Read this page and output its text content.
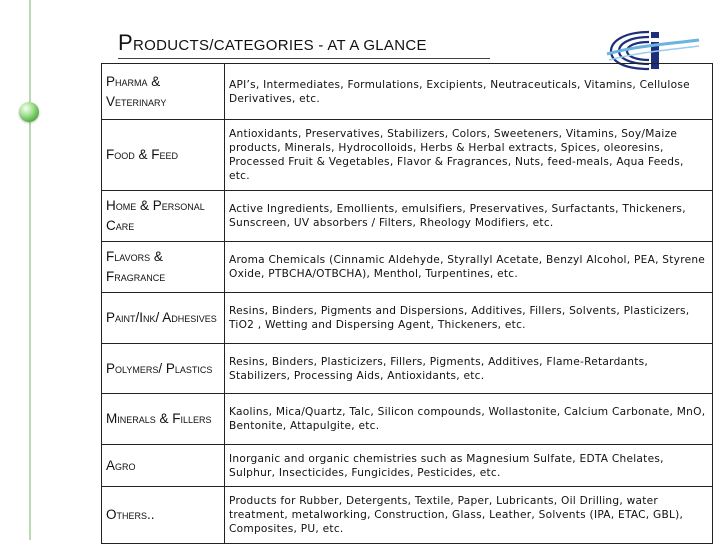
PRODUCTS/CATEGORIES - AT A GLANCE
Pharma & Veterinary	API’s, Intermediates, Formulations, Excipients, Neutraceuticals, Vitamins, Cellulose Derivatives, etc.
Food & Feed	Antioxidants, Preservatives, Stabilizers, Colors, Sweeteners, Vitamins, Soy/Maize products, Minerals, Hydrocolloids, Herbs & Herbal extracts, Spices, oleoresins, Processed Fruit & Vegetables, Flavor & Fragrances, Nuts, feed-meals, Aqua Feeds, etc.
Home & Personal Care	Active Ingredients, Emollients, emulsifiers, Preservatives, Surfactants, Thickeners, Sunscreen, UV absorbers / Filters, Rheology Modifiers, etc.
Flavors & Fragrance	Aroma Chemicals (Cinnamic Aldehyde, Styrallyl Acetate, Benzyl Alcohol, PEA, Styrene Oxide, PTBCHA/OTBCHA), Menthol, Turpentines, etc.
Paint/Ink/ Adhesives	Resins, Binders, Pigments and Dispersions, Additives, Fillers, Solvents, Plasticizers, TiO2 , Wetting and Dispersing Agent, Thickeners, etc.
Polymers/ Plastics	Resins, Binders, Plasticizers, Fillers, Pigments, Additives, Flame-Retardants, Stabilizers, Processing Aids, Antioxidants, etc.
Minerals & Fillers	Kaolins, Mica/Quartz, Talc, Silicon compounds, Wollastonite, Calcium Carbonate, MnO, Bentonite, Attapulgite, etc.
Agro	Inorganic and organic chemistries such as Magnesium Sulfate, EDTA Chelates, Sulphur, Insecticides, Fungicides, Pesticides, etc.
Others..	Products for Rubber, Detergents, Textile, Paper, Lubricants, Oil Drilling, water treatment, metalworking, Construction, Glass, Leather, Solvents (IPA, ETAC, GBL), Composites, PU, etc.
